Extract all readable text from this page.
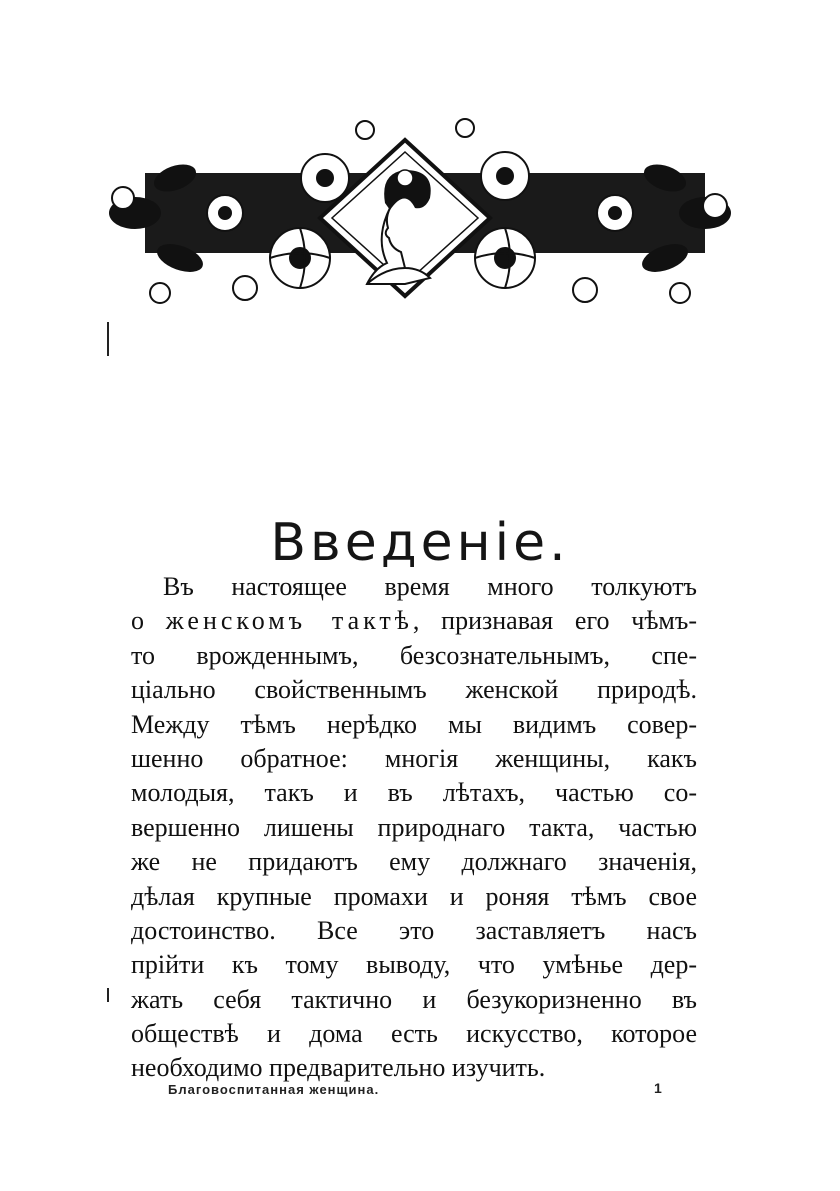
Введенiе.
Въ настоящее время много толкуютъ
о женскомъ тактѣ, признавая его чѣмъ-
то врожденнымъ, безсознательнымъ, спе-
цiально свойственнымъ женской природѣ.
Между тѣмъ нерѣдко мы видимъ совер-
шенно обратное: многiя женщины, какъ
молодыя, такъ и въ лѣтахъ, частью со-
вершенно лишены природнаго такта, частью
же не придаютъ ему должнаго значенiя,
дѣлая крупные промахи и роняя тѣмъ свое
достоинство. Все это заставляетъ насъ
прiйти къ тому выводу, что умѣнье дер-
жать себя тактично и безукоризненно въ
обществѣ и дома есть искусство, которое
необходимо предварительно изучить.
Благовоспитанная женщина.	1
